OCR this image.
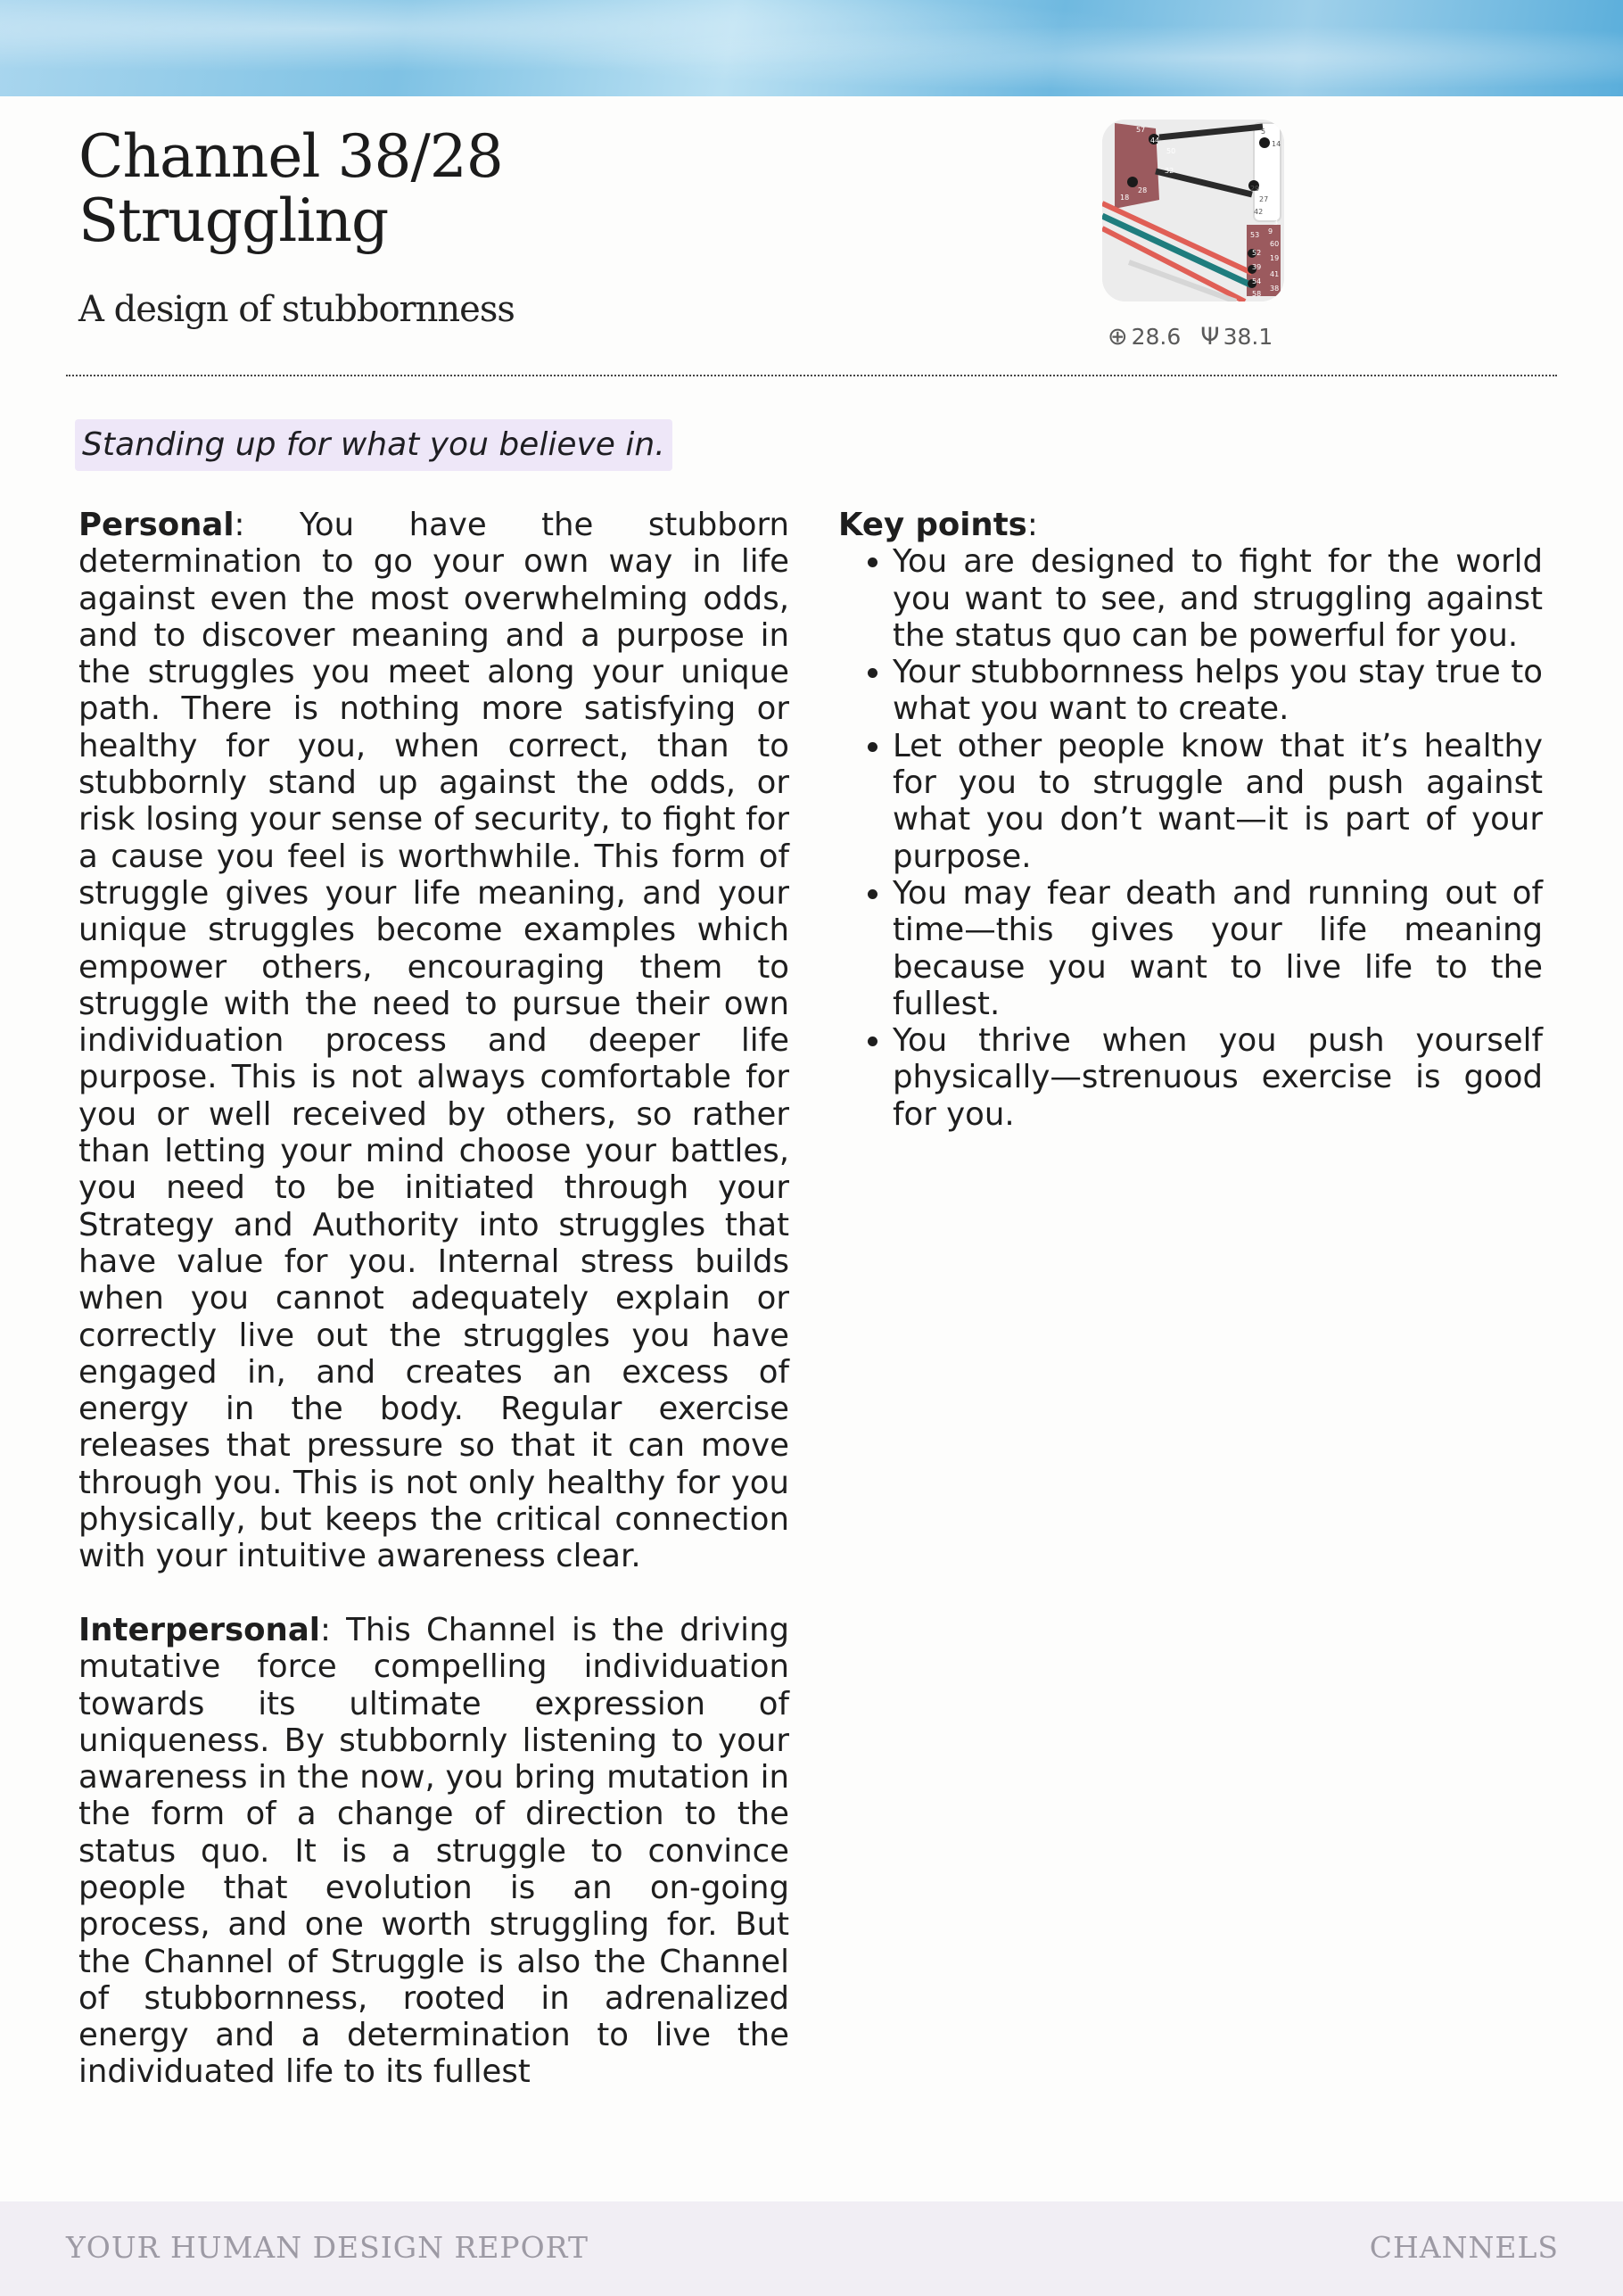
Channel 38/28
Struggling
A design of stubbornness
57
44
50
32
28
18
5
14
29
27
42
3
9
53
60
52
19
39
41
54
38
58
⊕ 28.6 Ψ 38.1
Standing up for what you believe in.

Personal: You have the stubborn determination to go your own way in life against even the most overwhelming odds, and to discover meaning and a purpose in the struggles you meet along your unique path. There is nothing more satisfying or healthy for you, when correct, than to stubbornly stand up against the odds, or risk losing your sense of security, to fight for a cause you feel is worthwhile. This form of struggle gives your life meaning, and your unique struggles become examples which empower others, encouraging them to struggle with the need to pursue their own individuation process and deeper life purpose. This is not always comfortable for you or well received by others, so rather than letting your mind choose your battles, you need to be initiated through your Strategy and Authority into struggles that have value for you. Internal stress builds when you cannot adequately explain or correctly live out the struggles you have engaged in, and creates an excess of energy in the body. Regular exercise releases that pressure so that it can move through you. This is not only healthy for you physically, but keeps the critical connection with your intuitive awareness clear.

Interpersonal: This Channel is the driving mutative force compelling individuation towards its ultimate expression of uniqueness. By stubbornly listening to your awareness in the now, you bring mutation in the form of a change of direction to the status quo. It is a struggle to convince people that evolution is an on-going process, and one worth struggling for. But the Channel of Struggle is also the Channel of stubbornness, rooted in adrenalized energy and a determination to live the individuated life to its fullest

Key points:
• You are designed to fight for the world you want to see, and struggling against the status quo can be powerful for you.
• Your stubbornness helps you stay true to what you want to create.
• Let other people know that it’s healthy for you to struggle and push against what you don’t want—it is part of your purpose.
• You may fear death and running out of time—this gives your life meaning because you want to live life to the fullest.
• You thrive when you push yourself physically—strenuous exercise is good for you.
YOUR HUMAN DESIGN REPORT	CHANNELS
